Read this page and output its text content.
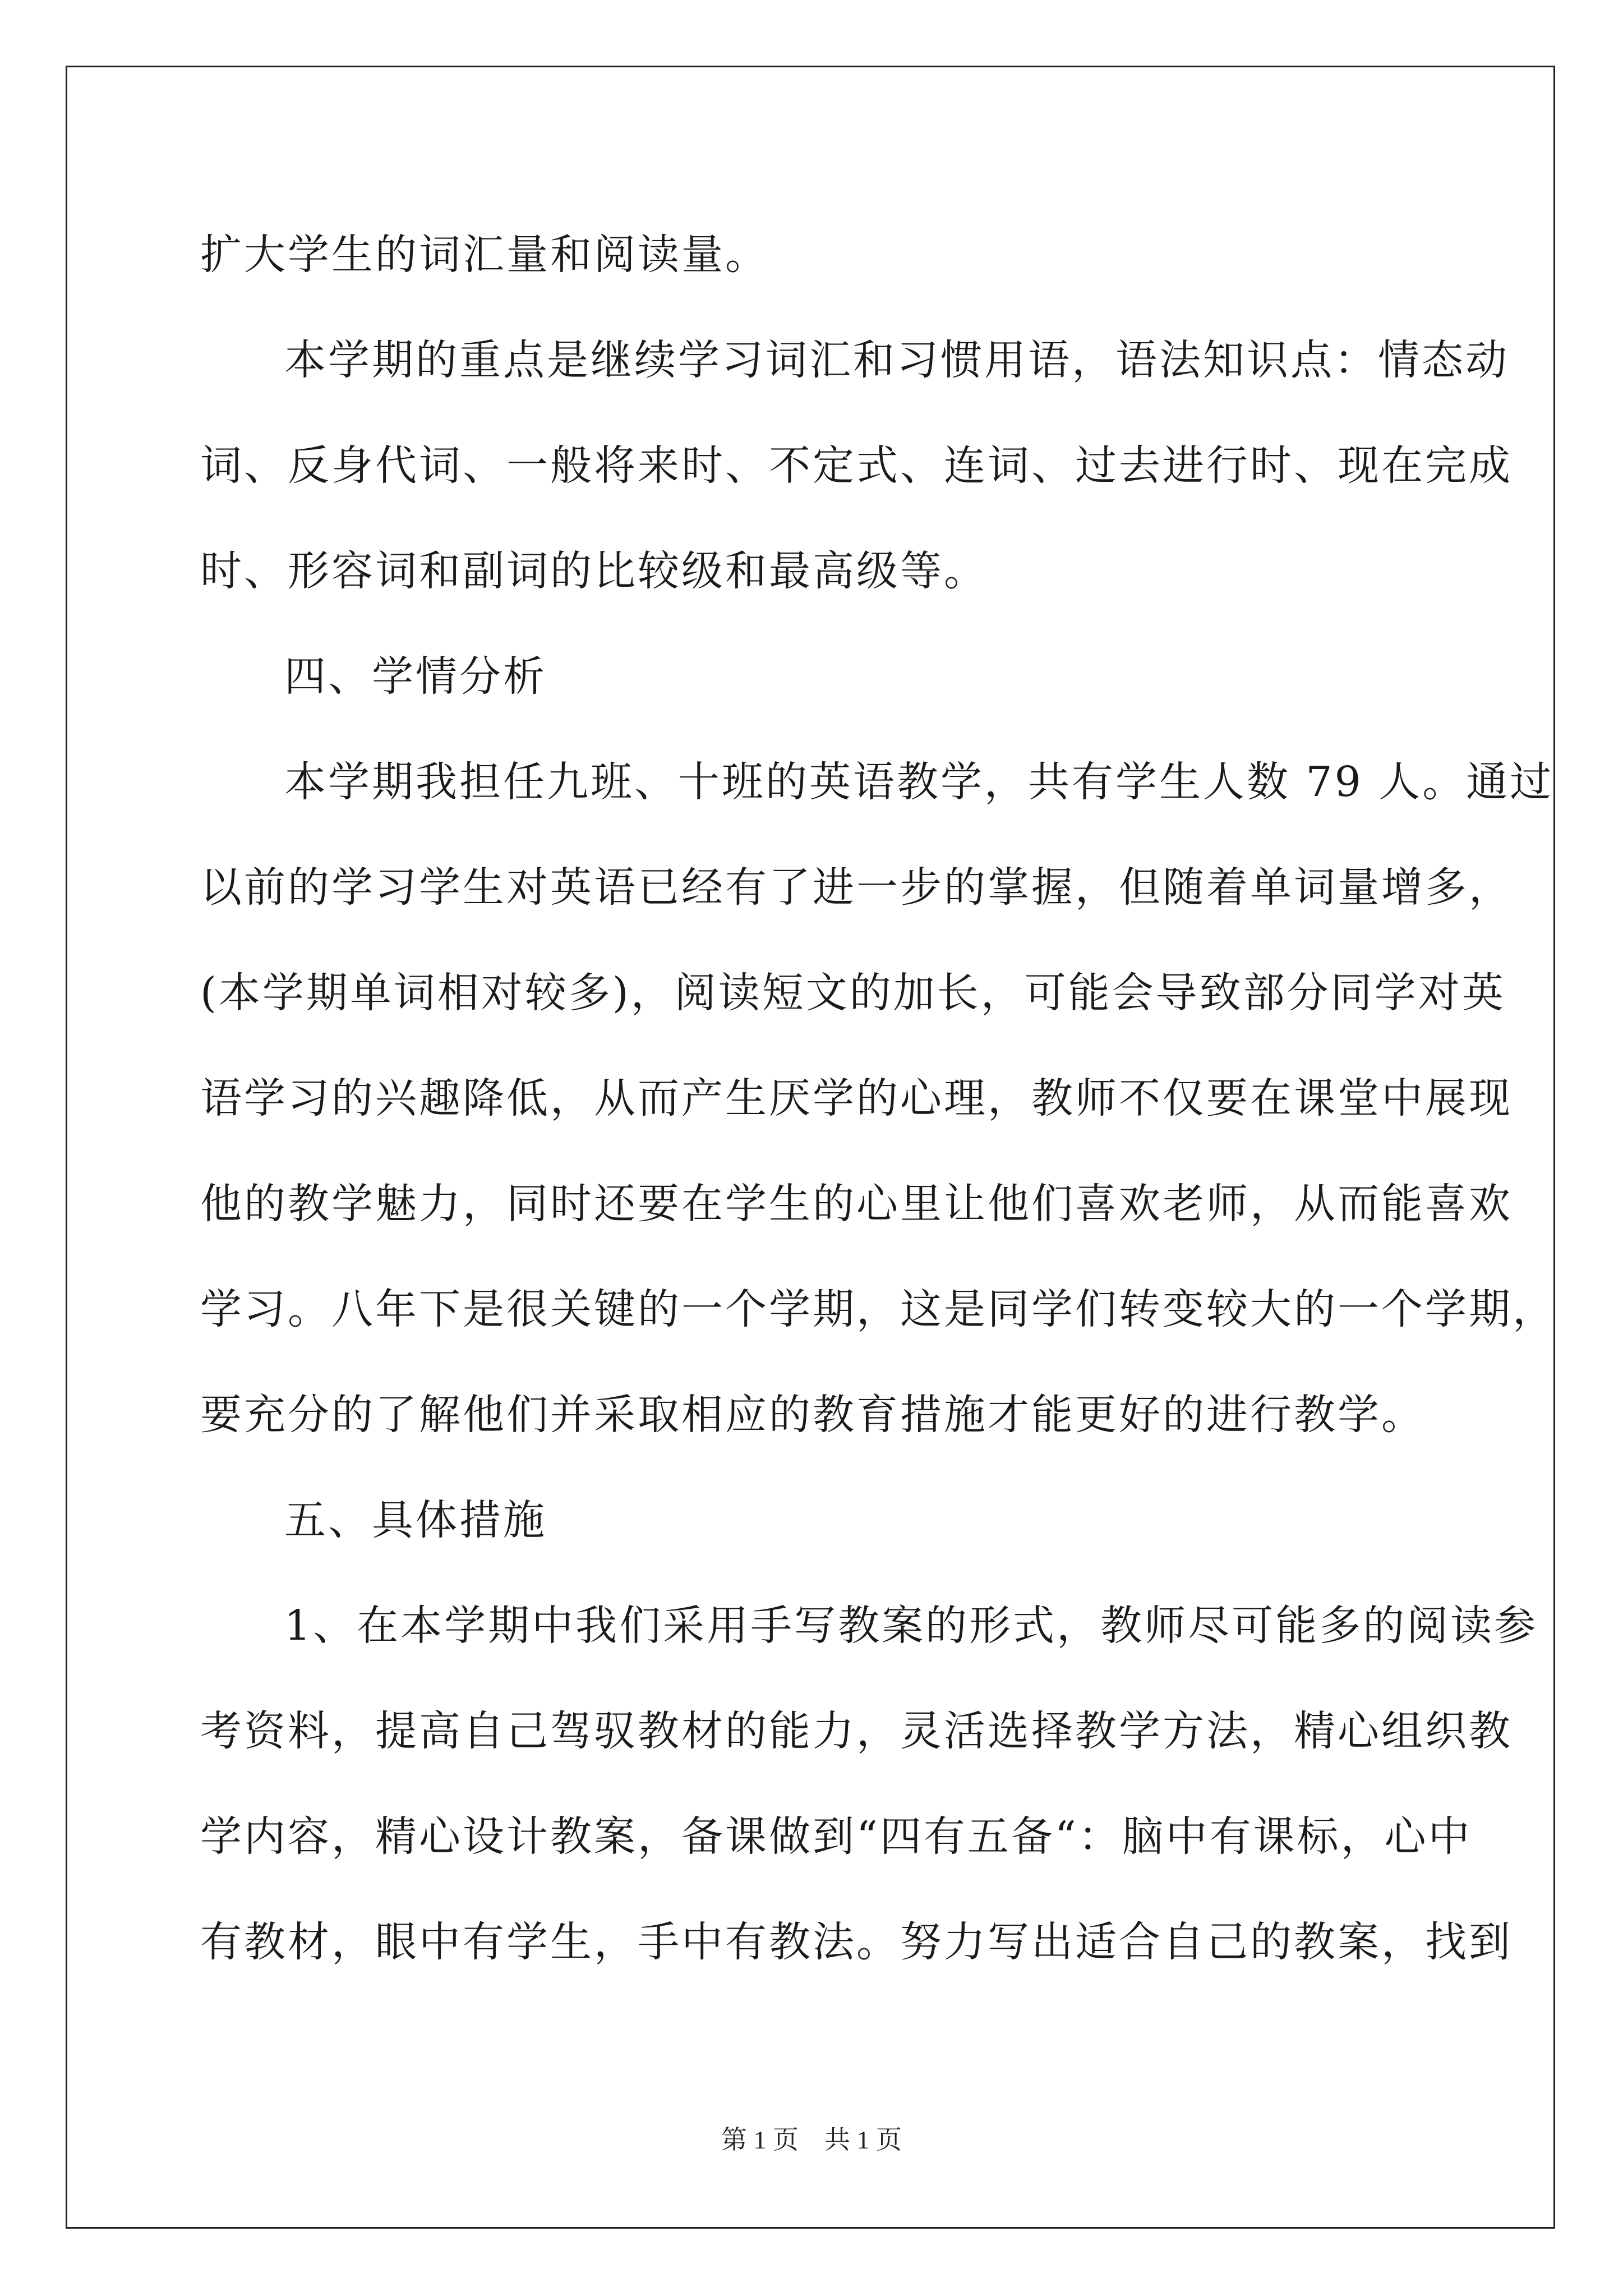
扩大学生的词汇量和阅读量。
本学期的重点是继续学习词汇和习惯用语，语法知识点：情态动
词、反身代词、一般将来时、不定式、连词、过去进行时、现在完成
时、形容词和副词的比较级和最高级等。
四、学情分析
本学期我担任九班、十班的英语教学，共有学生人数 79 人。通过
以前的学习学生对英语已经有了进一步的掌握，但随着单词量增多，
(本学期单词相对较多)，阅读短文的加长，可能会导致部分同学对英
语学习的兴趣降低，从而产生厌学的心理，教师不仅要在课堂中展现
他的教学魅力，同时还要在学生的心里让他们喜欢老师，从而能喜欢
学习。八年下是很关键的一个学期，这是同学们转变较大的一个学期，
要充分的了解他们并采取相应的教育措施才能更好的进行教学。
五、具体措施
1、在本学期中我们采用手写教案的形式，教师尽可能多的阅读参
考资料，提高自己驾驭教材的能力，灵活选择教学方法，精心组织教
学内容，精心设计教案，备课做到“四有五备“：脑中有课标，心中
有教材，眼中有学生，手中有教法。努力写出适合自己的教案，找到
第 1 页　共 1 页
